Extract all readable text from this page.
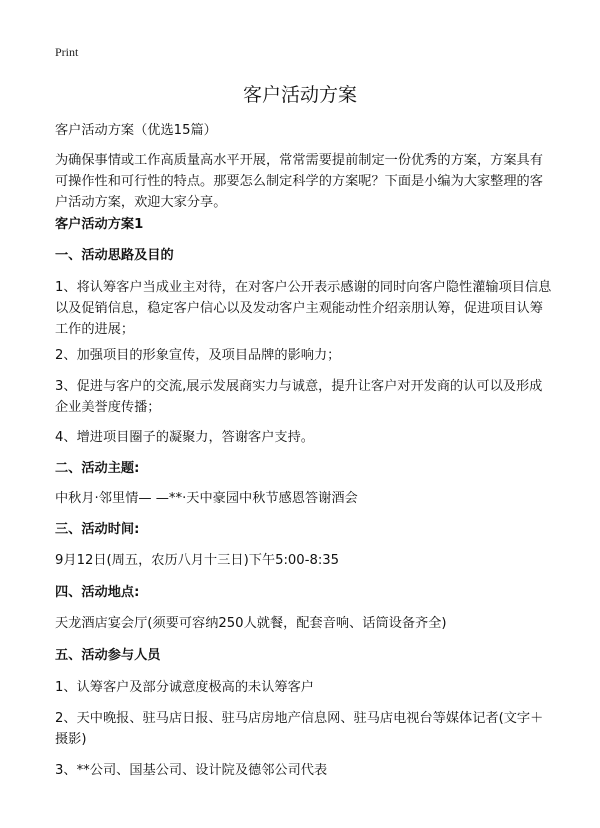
Print
客户活动方案
客户活动方案（优选15篇）
为确保事情或工作高质量高水平开展，常常需要提前制定一份优秀的方案，方案具有可操作性和可行性的特点。那要怎么制定科学的方案呢？下面是小编为大家整理的客户活动方案，欢迎大家分享。
客户活动方案1
一、活动思路及目的
1、将认筹客户当成业主对待，在对客户公开表示感谢的同时向客户隐性灌输项目信息以及促销信息，稳定客户信心以及发动客户主观能动性介绍亲朋认筹，促进项目认筹工作的进展；
2、加强项目的形象宣传，及项目品牌的影响力；
3、促进与客户的交流,展示发展商实力与诚意，提升让客户对开发商的认可以及形成企业美誉度传播；
4、增进项目圈子的凝聚力，答谢客户支持。
二、活动主题:
中秋月·邻里情— —**·天中豪园中秋节感恩答谢酒会
三、活动时间:
9月12日(周五，农历八月十三日)下午5:00-8:35
四、活动地点:
天龙酒店宴会厅(须要可容纳250人就餐，配套音响、话筒设备齐全)
五、活动参与人员
1、认筹客户及部分诚意度极高的未认筹客户
2、天中晚报、驻马店日报、驻马店房地产信息网、驻马店电视台等媒体记者(文字＋摄影)
3、**公司、国基公司、设计院及德邻公司代表
